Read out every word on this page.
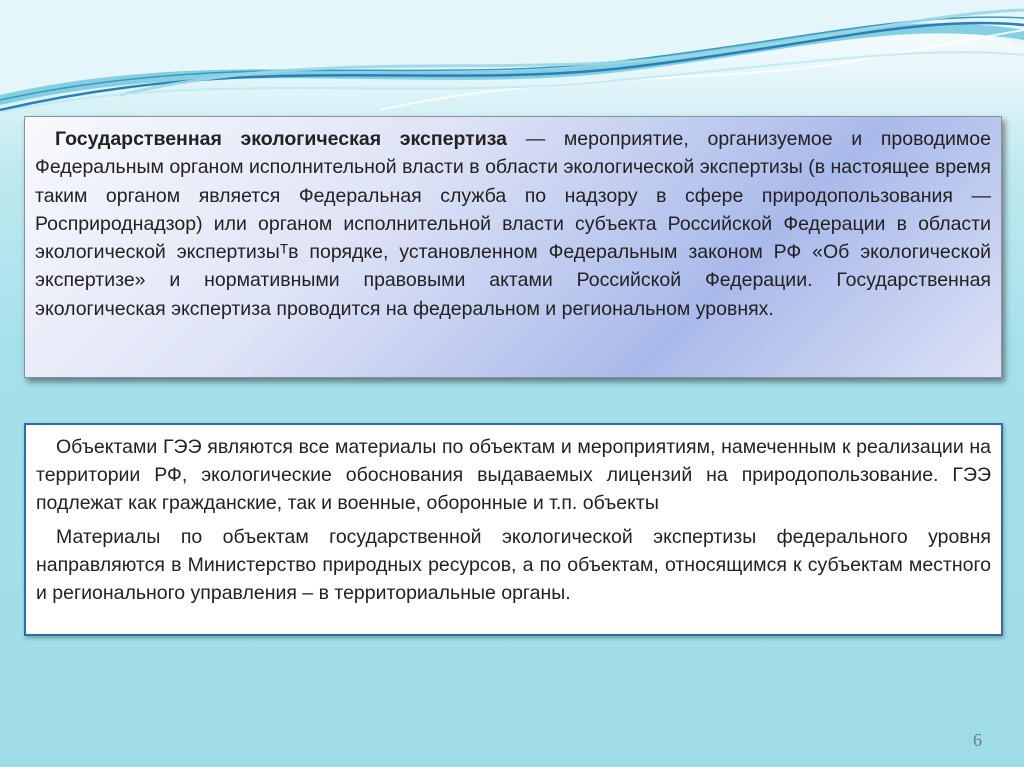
Государственная экологическая экспертиза — мероприятие, организуемое и проводимое Федеральным органом исполнительной власти в области экологической экспертизы (в настоящее время таким органом является Федеральная служба по надзору в сфере природопользования — Росприроднадзор) или органом исполнительной власти субъекта Российской Федерации в области экологической экспертизыᵀв порядке, установленном Федеральным законом РФ «Об экологической экспертизе» и нормативными правовыми актами Российской Федерации. Государственная экологическая экспертиза проводится на федеральном и региональном уровнях.

Объектами ГЭЭ являются все материалы по объектам и мероприятиям, намеченным к реализации на территории РФ, экологические обоснования выдаваемых лицензий на природопользование. ГЭЭ подлежат как гражданские, так и военные, оборонные и т.п. объекты

Материалы по объектам государственной экологической экспертизы федерального уровня направляются в Министерство природных ресурсов, а по объектам, относящимся к субъектам местного и регионального управления – в территориальные органы.

6
